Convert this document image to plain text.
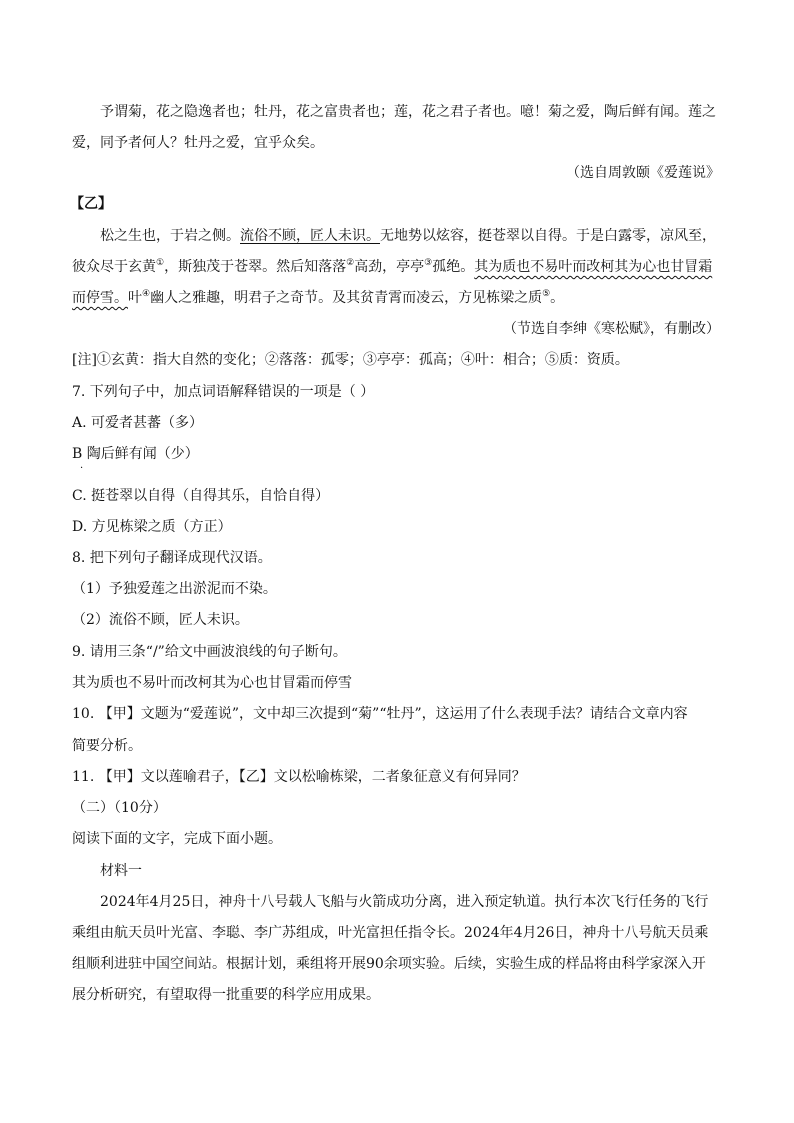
予谓菊，花之隐逸者也；牡丹，花之富贵者也；莲，花之君子者也。噫！菊之爱，陶后鲜有闻。莲之
爱，同予者何人？牡丹之爱，宜乎众矣。
（选自周敦颐《爱莲说》
【乙】
松之生也，于岩之侧。流俗不顾，匠人未识。无地势以炫容，挺苍翠以自得。于是白露零，凉风至，
彼众尽于玄黄①，斯独茂于苍翠。然后知落落②高劲，亭亭③孤绝。其为质也不易叶而改柯其为心也甘冒霜
而停雪。叶④幽人之雅趣，明君子之奇节。及其贫青霄而凌云，方见栋梁之质⑤。
（节选自李绅《寒松赋》，有删改）
[注]①玄黄：指大自然的变化；②落落：孤零；③亭亭：孤高；④叶：相合；⑤质：资质。
7. 下列句子中，加点词语解释错误的一项是（ ）
A. 可爱者甚蕃（多）
B 陶后鲜有闻（少）
·
C. 挺苍翠以自得（自得其乐，自恰自得）
D. 方见栋梁之质（方正）
8. 把下列句子翻译成现代汉语。
（1）予独爱莲之出淤泥而不染。
（2）流俗不顾，匠人未识。
9. 请用三条“/”给文中画波浪线的句子断句。
其为质也不易叶而改柯其为心也甘冒霜而停雪
10. 【甲】文题为“爱莲说”，文中却三次提到“菊”“牡丹”，这运用了什么表现手法？请结合文章内容
简要分析。
11. 【甲】文以莲喻君子，【乙】文以松喻栋梁，二者象征意义有何异同？
（二）（10分）
阅读下面的文字，完成下面小题。
材料一
2024年4月25日，神舟十八号载人飞船与火箭成功分离，进入预定轨道。执行本次飞行任务的飞行
乘组由航天员叶光富、李聪、李广苏组成，叶光富担任指令长。2024年4月26日，神舟十八号航天员乘
组顺利进驻中国空间站。根据计划，乘组将开展90余项实验。后续，实验生成的样品将由科学家深入开
展分析研究，有望取得一批重要的科学应用成果。
